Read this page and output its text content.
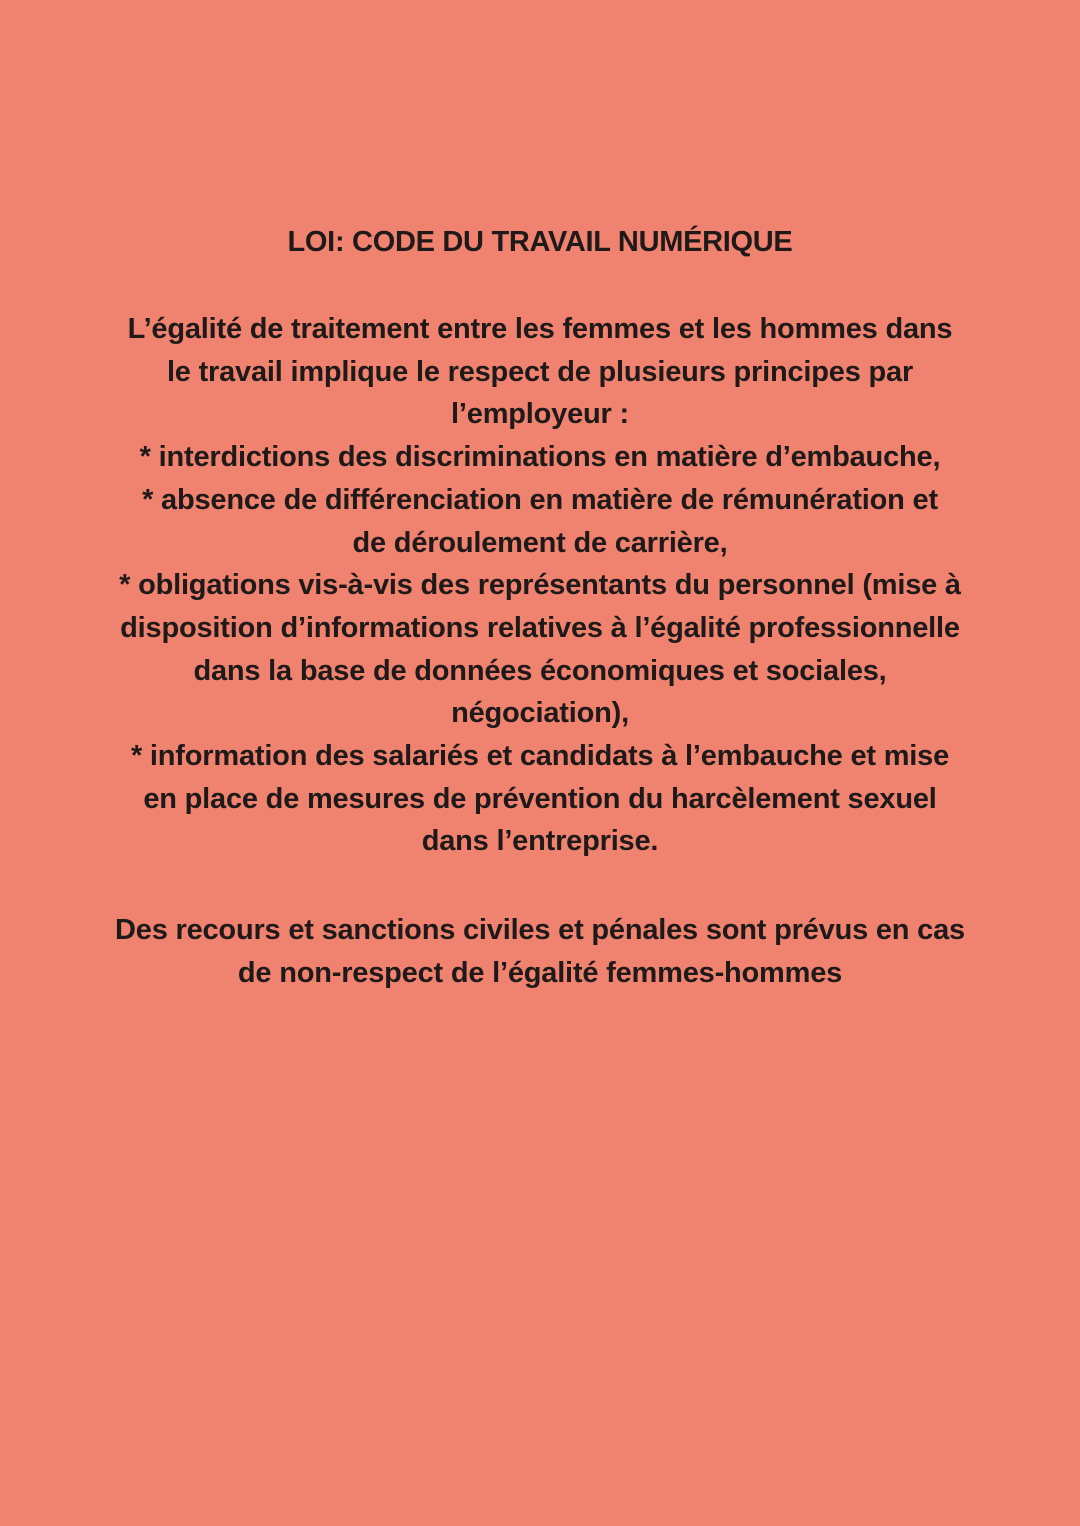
LOI: CODE DU TRAVAIL NUMÉRIQUE

L’égalité de traitement entre les femmes et les hommes dans
le travail implique le respect de plusieurs principes par
l’employeur :

* interdictions des discriminations en matière d’embauche,
* absence de différenciation en matière de rémunération et
de déroulement de carrière,
* obligations vis-à-vis des représentants du personnel (mise à
disposition d’informations relatives à l’égalité professionnelle
dans la base de données économiques et sociales,
négociation),
* information des salariés et candidats à l’embauche et mise
en place de mesures de prévention du harcèlement sexuel
dans l’entreprise.

Des recours et sanctions civiles et pénales sont prévus en cas
de non-respect de l’égalité femmes-hommes
